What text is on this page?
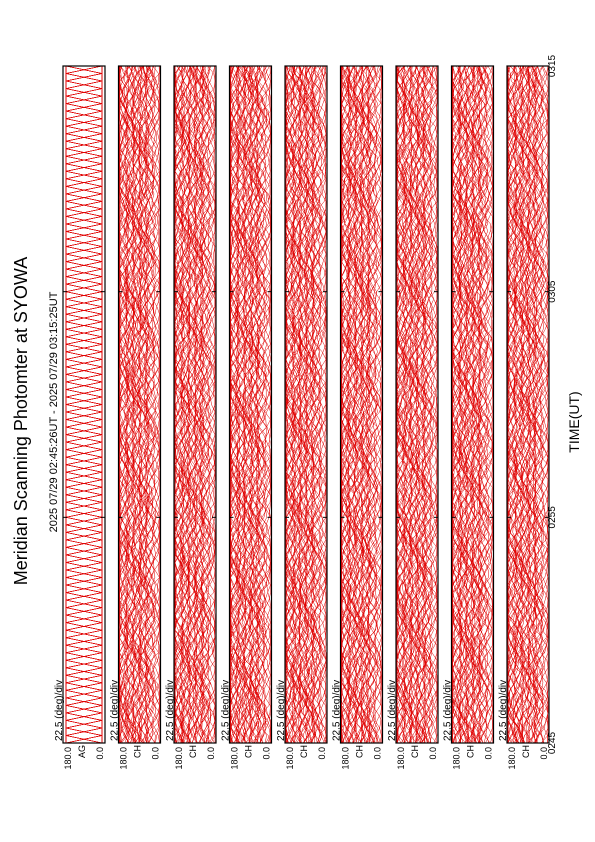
Meridian Scanning Photomter at SYOWA 2025 07/29 02:45:26UT - 2025 07/29 03:15:25UT
22.5 (deg)/div
180.0 0.0
AG
22.5 (deg)/div
180.0 0.0
CH
22.5 (deg)/div
180.0 0.0
CH
22.5 (deg)/div
180.0 0.0
CH
22.5 (deg)/div
180.0 0.0
CH
22.5 (deg)/div
180.0 0.0
CH
22.5 (deg)/div
180.0 0.0
CH
22.5 (deg)/div
180.0 0.0
CH
22.5 (deg)/div
180.0 0.0
CH 0245
0255
0305
0315
TIME(UT)
